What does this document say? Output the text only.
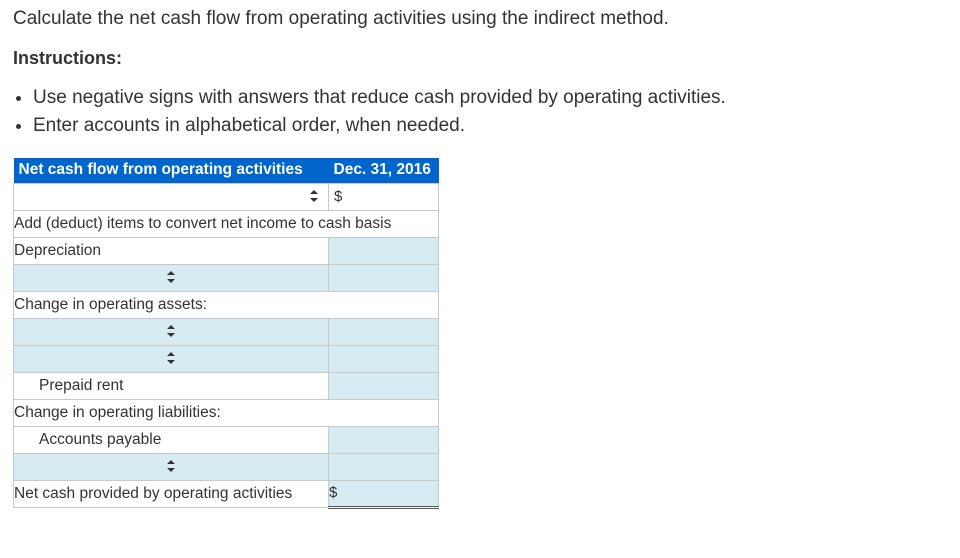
Calculate the net cash flow from operating activities using the indirect method.

Instructions:

• Use negative signs with answers that reduce cash provided by operating activities.
• Enter accounts in alphabetical order, when needed.
Net cash flow from operating activities	Dec. 31, 2016
	$
Add (deduct) items to convert net income to cash basis	
Depreciation	

Change in operating assets:	

Prepaid rent	
Change in operating liabilities:	
Accounts payable	

Net cash provided by operating activities	$
